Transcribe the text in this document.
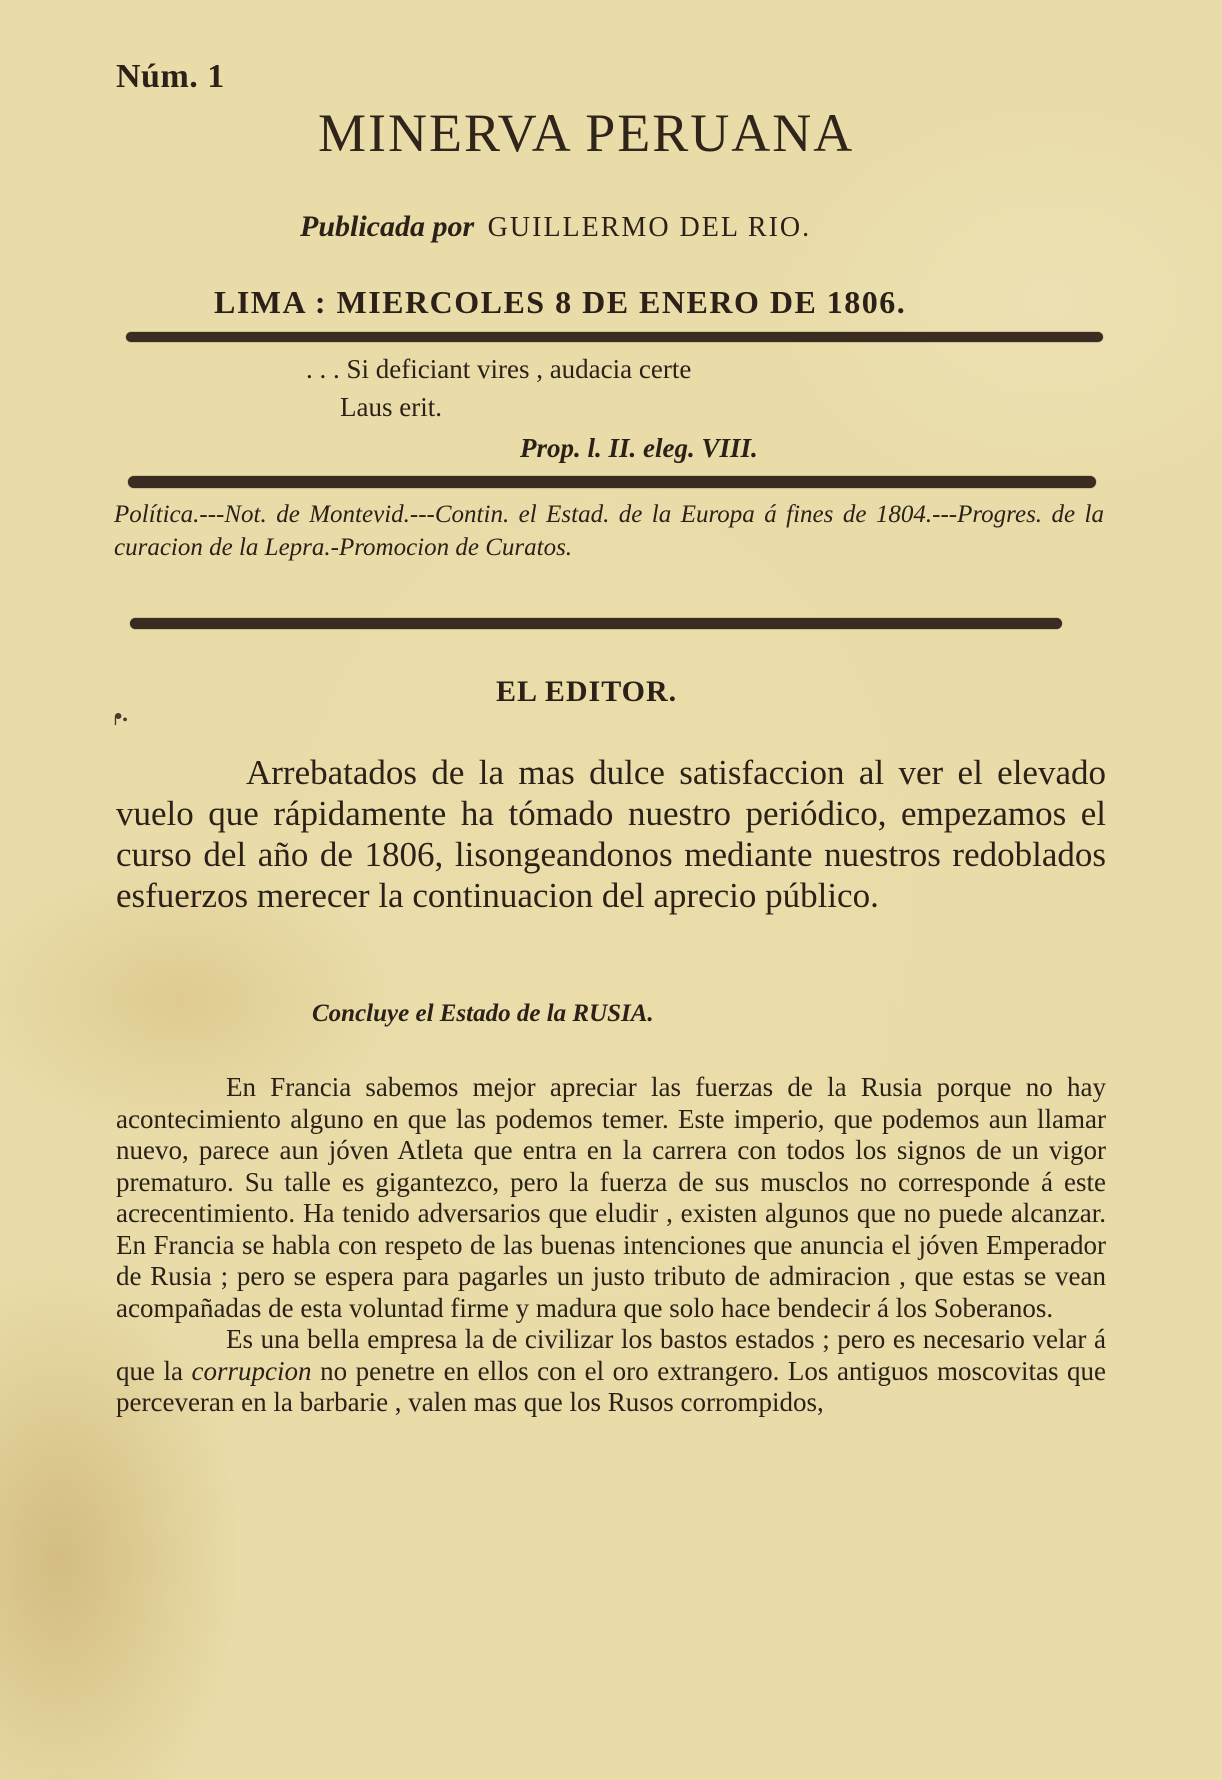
Núm. 1
MINERVA PERUANA
Publicada por GUILLERMO DEL RIO.
LIMA : MIERCOLES 8 DE ENERO DE 1806.
. . . Si deficiant vires , audacia certe
Laus erit.
Prop. l. II. eleg. VIII.

Política.---Not. de Montevid.---Contin. el Estad. de la Europa á fines de 1804.---Progres. de la curacion de la Lepra.-Promocion de Curatos.

EL EDITOR.
ᖰ•

Arrebatados de la mas dulce satisfaccion al ver el elevado vuelo que rápidamente ha tómado nuestro periódico, empezamos el curso del año de 1806, lisongeandonos mediante nuestros redoblados esfuerzos merecer la continuacion del aprecio público.

Concluye el Estado de la RUSIA.

En Francia sabemos mejor apreciar las fuerzas de la Rusia porque no hay acontecimiento alguno en que las podemos temer. Este imperio, que podemos aun llamar nuevo, parece aun jóven Atleta que entra en la carrera con todos los signos de un vigor prematuro. Su talle es gigantezco, pero la fuerza de sus musclos no corresponde á este acrecentimiento. Ha tenido adversarios que eludir , existen algunos que no puede alcanzar. En Francia se habla con respeto de las buenas intenciones que anuncia el jóven Emperador de Rusia ; pero se espera para pagarles un justo tributo de admiracion , que estas se vean acompañadas de esta voluntad firme y madura que solo hace bendecir á los Soberanos.

Es una bella empresa la de civilizar los bastos estados ; pero es necesario velar á que la corrupcion no penetre en ellos con el oro extrangero. Los antiguos moscovitas que perceveran en la barbarie , valen mas que los Rusos corrompidos,
